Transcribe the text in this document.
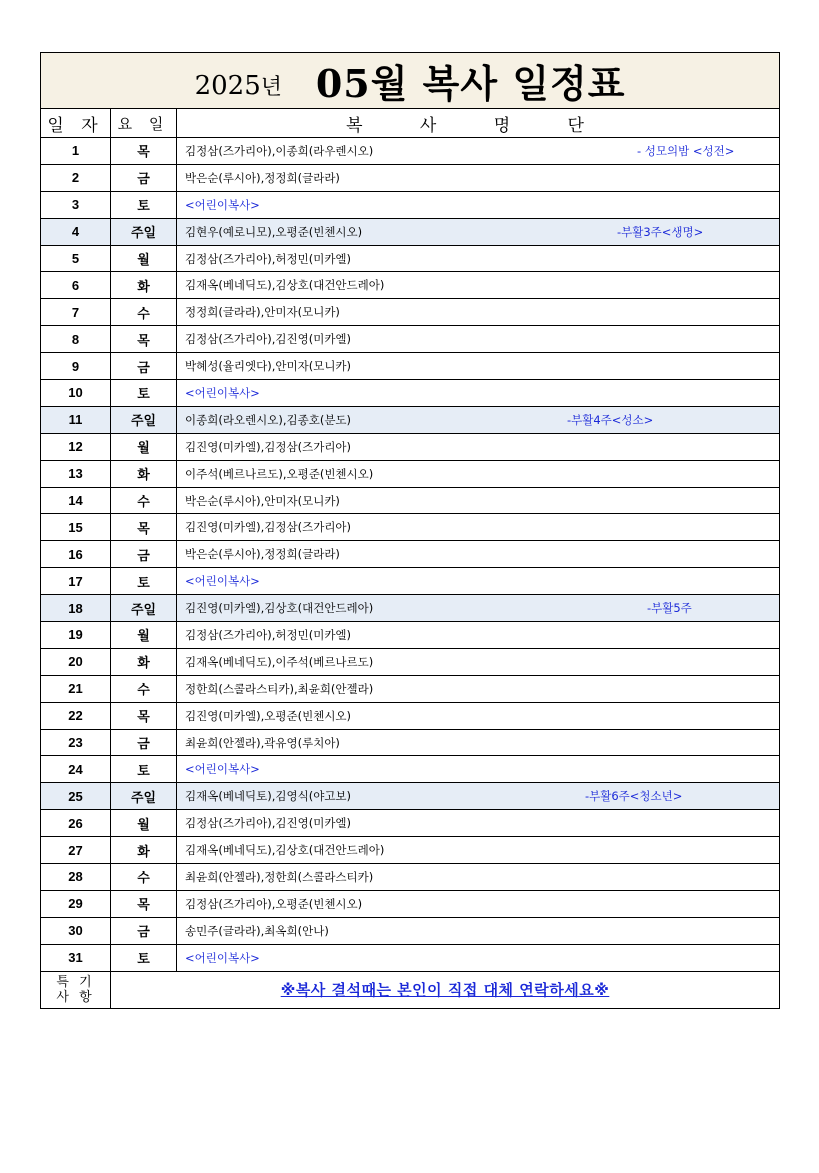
2025년 05월 복사 일정표		
일 자	요 일	복 사 명 단
1	목	김정삼(즈가리아),이종희(라우렌시오) - 성모의밤 <성전>

2	금	박은순(루시아),정정희(글라라)
3	토	<어린이복사>
4	주일	김현우(예로니모),오평준(빈첸시오) -부활3주<생명>

5	월	김정삼(즈가리아),허정민(미카엘)
6	화	김재옥(베네딕도),김상호(대건안드레아)
7	수	정정희(글라라),안미자(모니카)
8	목	김정삼(즈가리아),김진영(미카엘)
9	금	박혜성(율리엣다),안미자(모니카)
10	토	<어린이복사>
11	주일	이종희(라오렌시오),김종호(분도) -부활4주<성소>

12	월	김진영(미카엘),김정삼(즈가리아)
13	화	이주석(베르나르도),오평준(빈첸시오)
14	수	박은순(루시아),안미자(모니카)
15	목	김진영(미카엘),김정삼(즈가리아)
16	금	박은순(루시아),정정희(글라라)
17	토	<어린이복사>
18	주일	김진영(미카엘),김상호(대건안드레아) -부활5주

19	월	김정삼(즈가리아),허정민(미카엘)
20	화	김재옥(베네딕도),이주석(베르나르도)
21	수	정한희(스콜라스티카),최윤희(안젤라)
22	목	김진영(미카엘),오평준(빈첸시오)
23	금	최윤희(안젤라),곽유영(루치아)
24	토	<어린이복사>
25	주일	김재옥(베네딕토),김영식(야고보) -부활6주<청소년>

26	월	김정삼(즈가리아),김진영(미카엘)
27	화	김재옥(베네딕도),김상호(대건안드레아)
28	수	최윤희(안젤라),정한희(스콜라스티카)
29	목	김정삼(즈가리아),오평준(빈첸시오)
30	금	송민주(글라라),최옥희(안나)
31	토	<어린이복사>
특 기
사 항	※복사 결석때는 본인이 직접 대체 연락하세요※	
